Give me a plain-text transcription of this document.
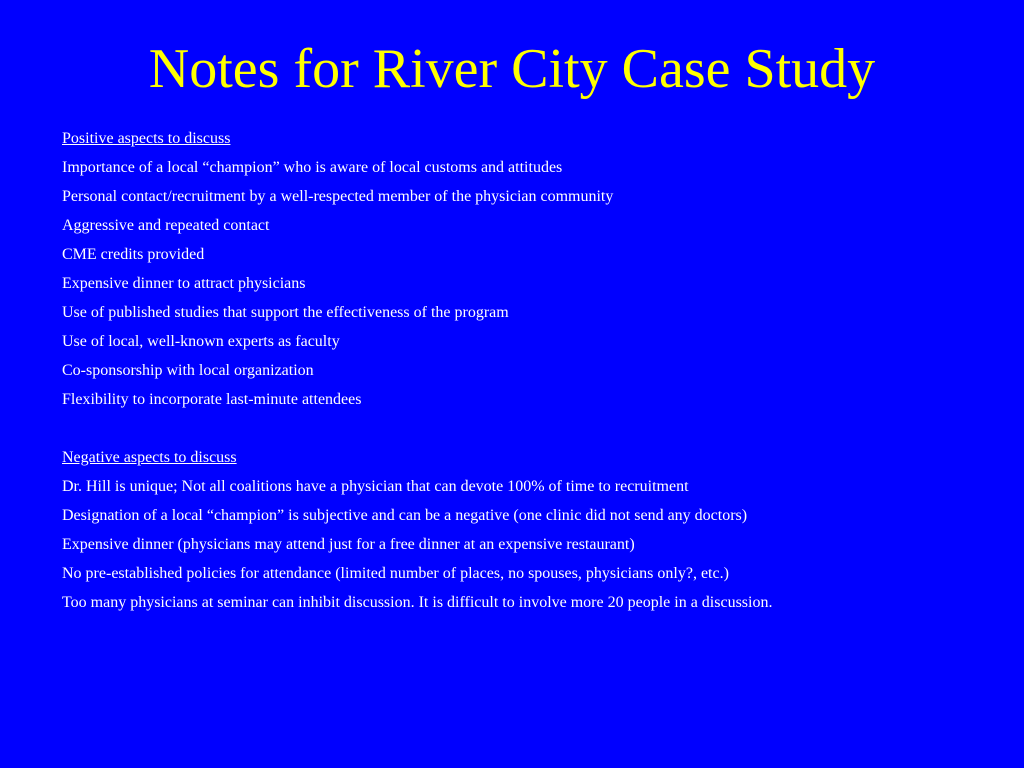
Notes for River City Case Study
Positive aspects to discuss
Importance of a local “champion” who is aware of local customs and attitudes
Personal contact/recruitment by a well-respected member of the physician community
Aggressive and repeated contact
CME credits provided
Expensive dinner to attract physicians
Use of published studies that support the effectiveness of the program
Use of local, well-known experts as faculty
Co-sponsorship with local organization
Flexibility to incorporate last-minute attendees
Negative aspects to discuss
Dr. Hill is unique; Not all coalitions have a physician that can devote 100% of time to recruitment
Designation of a local “champion” is subjective and can be a negative (one clinic did not send any doctors)
Expensive dinner (physicians may attend just for a free dinner at an expensive restaurant)
No pre-established policies for attendance (limited number of places, no spouses, physicians only?, etc.)
Too many physicians at seminar can inhibit discussion. It is difficult to involve more 20 people in a discussion.
